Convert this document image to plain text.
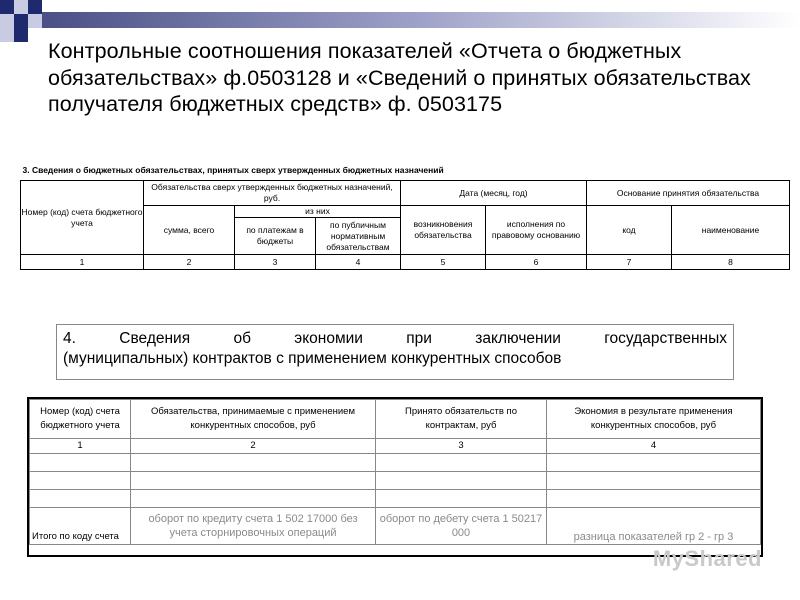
Контрольные соотношения показателей «Отчета о бюджетных обязательствах» ф.0503128 и «Сведений о принятых обязательствах получателя бюджетных средств» ф. 0503175
3. Сведения о бюджетных обязательствах, принятых сверх утвержденных бюджетных назначений							
Номер (код) счета бюджетного учета	Обязательства сверх утвержденных бюджетных назначений, руб.			Дата (месяц, год)		Основание принятия обязательства	
	сумма, всего	из них		возникновения обязательства	исполнения по правовому основанию	код	наименование
		по платежам в бюджеты	по публичным нормативным обязательствам				
1	2	3	4	5	6	7	8
4. Сведения об экономии при заключении государственных
(муниципальных) контрактов с применением конкурентных способов
Номер (код) счета бюджетного учета	Обязательства, принимаемые с применением конкурентных способов, руб	Принято обязательств по контрактам, руб	Экономия в результате применения конкурентных способов, руб
1	2	3	4

Итого по коду счета	оборот по кредиту счета 1 502 17000 без учета сторнировочных операций	оборот по дебету счета 1 50217 000	разница показателей гр 2 - гр 3
MyShared
